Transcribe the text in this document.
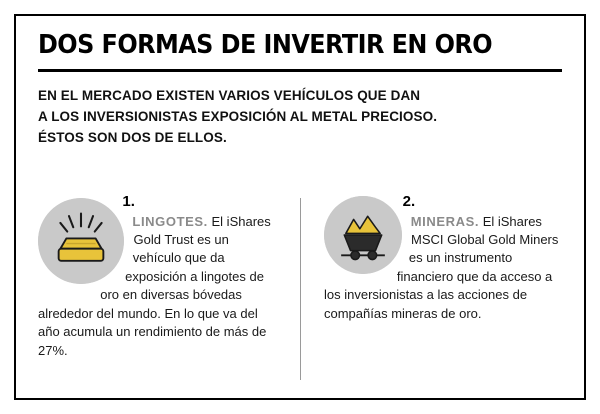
DOS FORMAS DE INVERTIR EN ORO
EN EL MERCADO EXISTEN VARIOS VEHÍCULOS QUE DAN
A LOS INVERSIONISTAS EXPOSICIÓN AL METAL PRECIOSO.
ÉSTOS SON DOS DE ELLOS.
1.
LINGOTES. El iShares Gold Trust es un vehículo que da exposición a lingotes de oro en diversas bóvedas alrededor del mundo. En lo que va del año acumula un rendimiento de más de 27%.
2.
MINERAS. El iShares MSCI Global Gold Miners es un instrumento financiero que da acceso a los inversionistas a las acciones de compañías mineras de oro.
